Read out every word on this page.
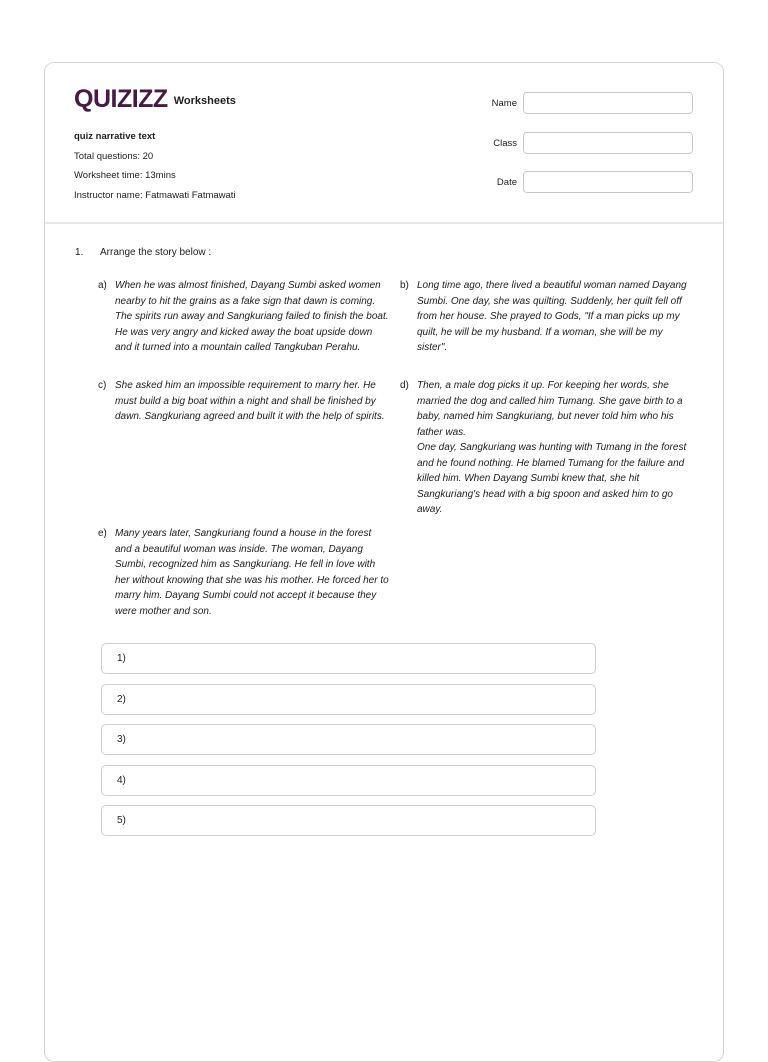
QUIZIZZ Worksheets
quiz narrative text
Total questions: 20
Worksheet time: 13mins
Instructor name: Fatmawati Fatmawati
Name
Class
Date
1. Arrange the story below :
a) When he was almost finished, Dayang Sumbi asked women nearby to hit the grains as a fake sign that dawn is coming. The spirits run away and Sangkuriang failed to finish the boat. He was very angry and kicked away the boat upside down and it turned into a mountain called Tangkuban Perahu.
b) Long time ago, there lived a beautiful woman named Dayang Sumbi. One day, she was quilting. Suddenly, her quilt fell off from her house. She prayed to Gods, "If a man picks up my quilt, he will be my husband. If a woman, she will be my sister".
c) She asked him an impossible requirement to marry her. He must build a big boat within a night and shall be finished by dawn. Sangkuriang agreed and built it with the help of spirits.
d) Then, a male dog picks it up. For keeping her words, she married the dog and called him Tumang. She gave birth to a baby, named him Sangkuriang, but never told him who his father was.
One day, Sangkuriang was hunting with Tumang in the forest and he found nothing. He blamed Tumang for the failure and killed him. When Dayang Sumbi knew that, she hit Sangkuriang's head with a big spoon and asked him to go away.
e) Many years later, Sangkuriang found a house in the forest and a beautiful woman was inside. The woman, Dayang Sumbi, recognized him as Sangkuriang. He fell in love with her without knowing that she was his mother. He forced her to marry him. Dayang Sumbi could not accept it because they were mother and son.
1)
2)
3)
4)
5)
